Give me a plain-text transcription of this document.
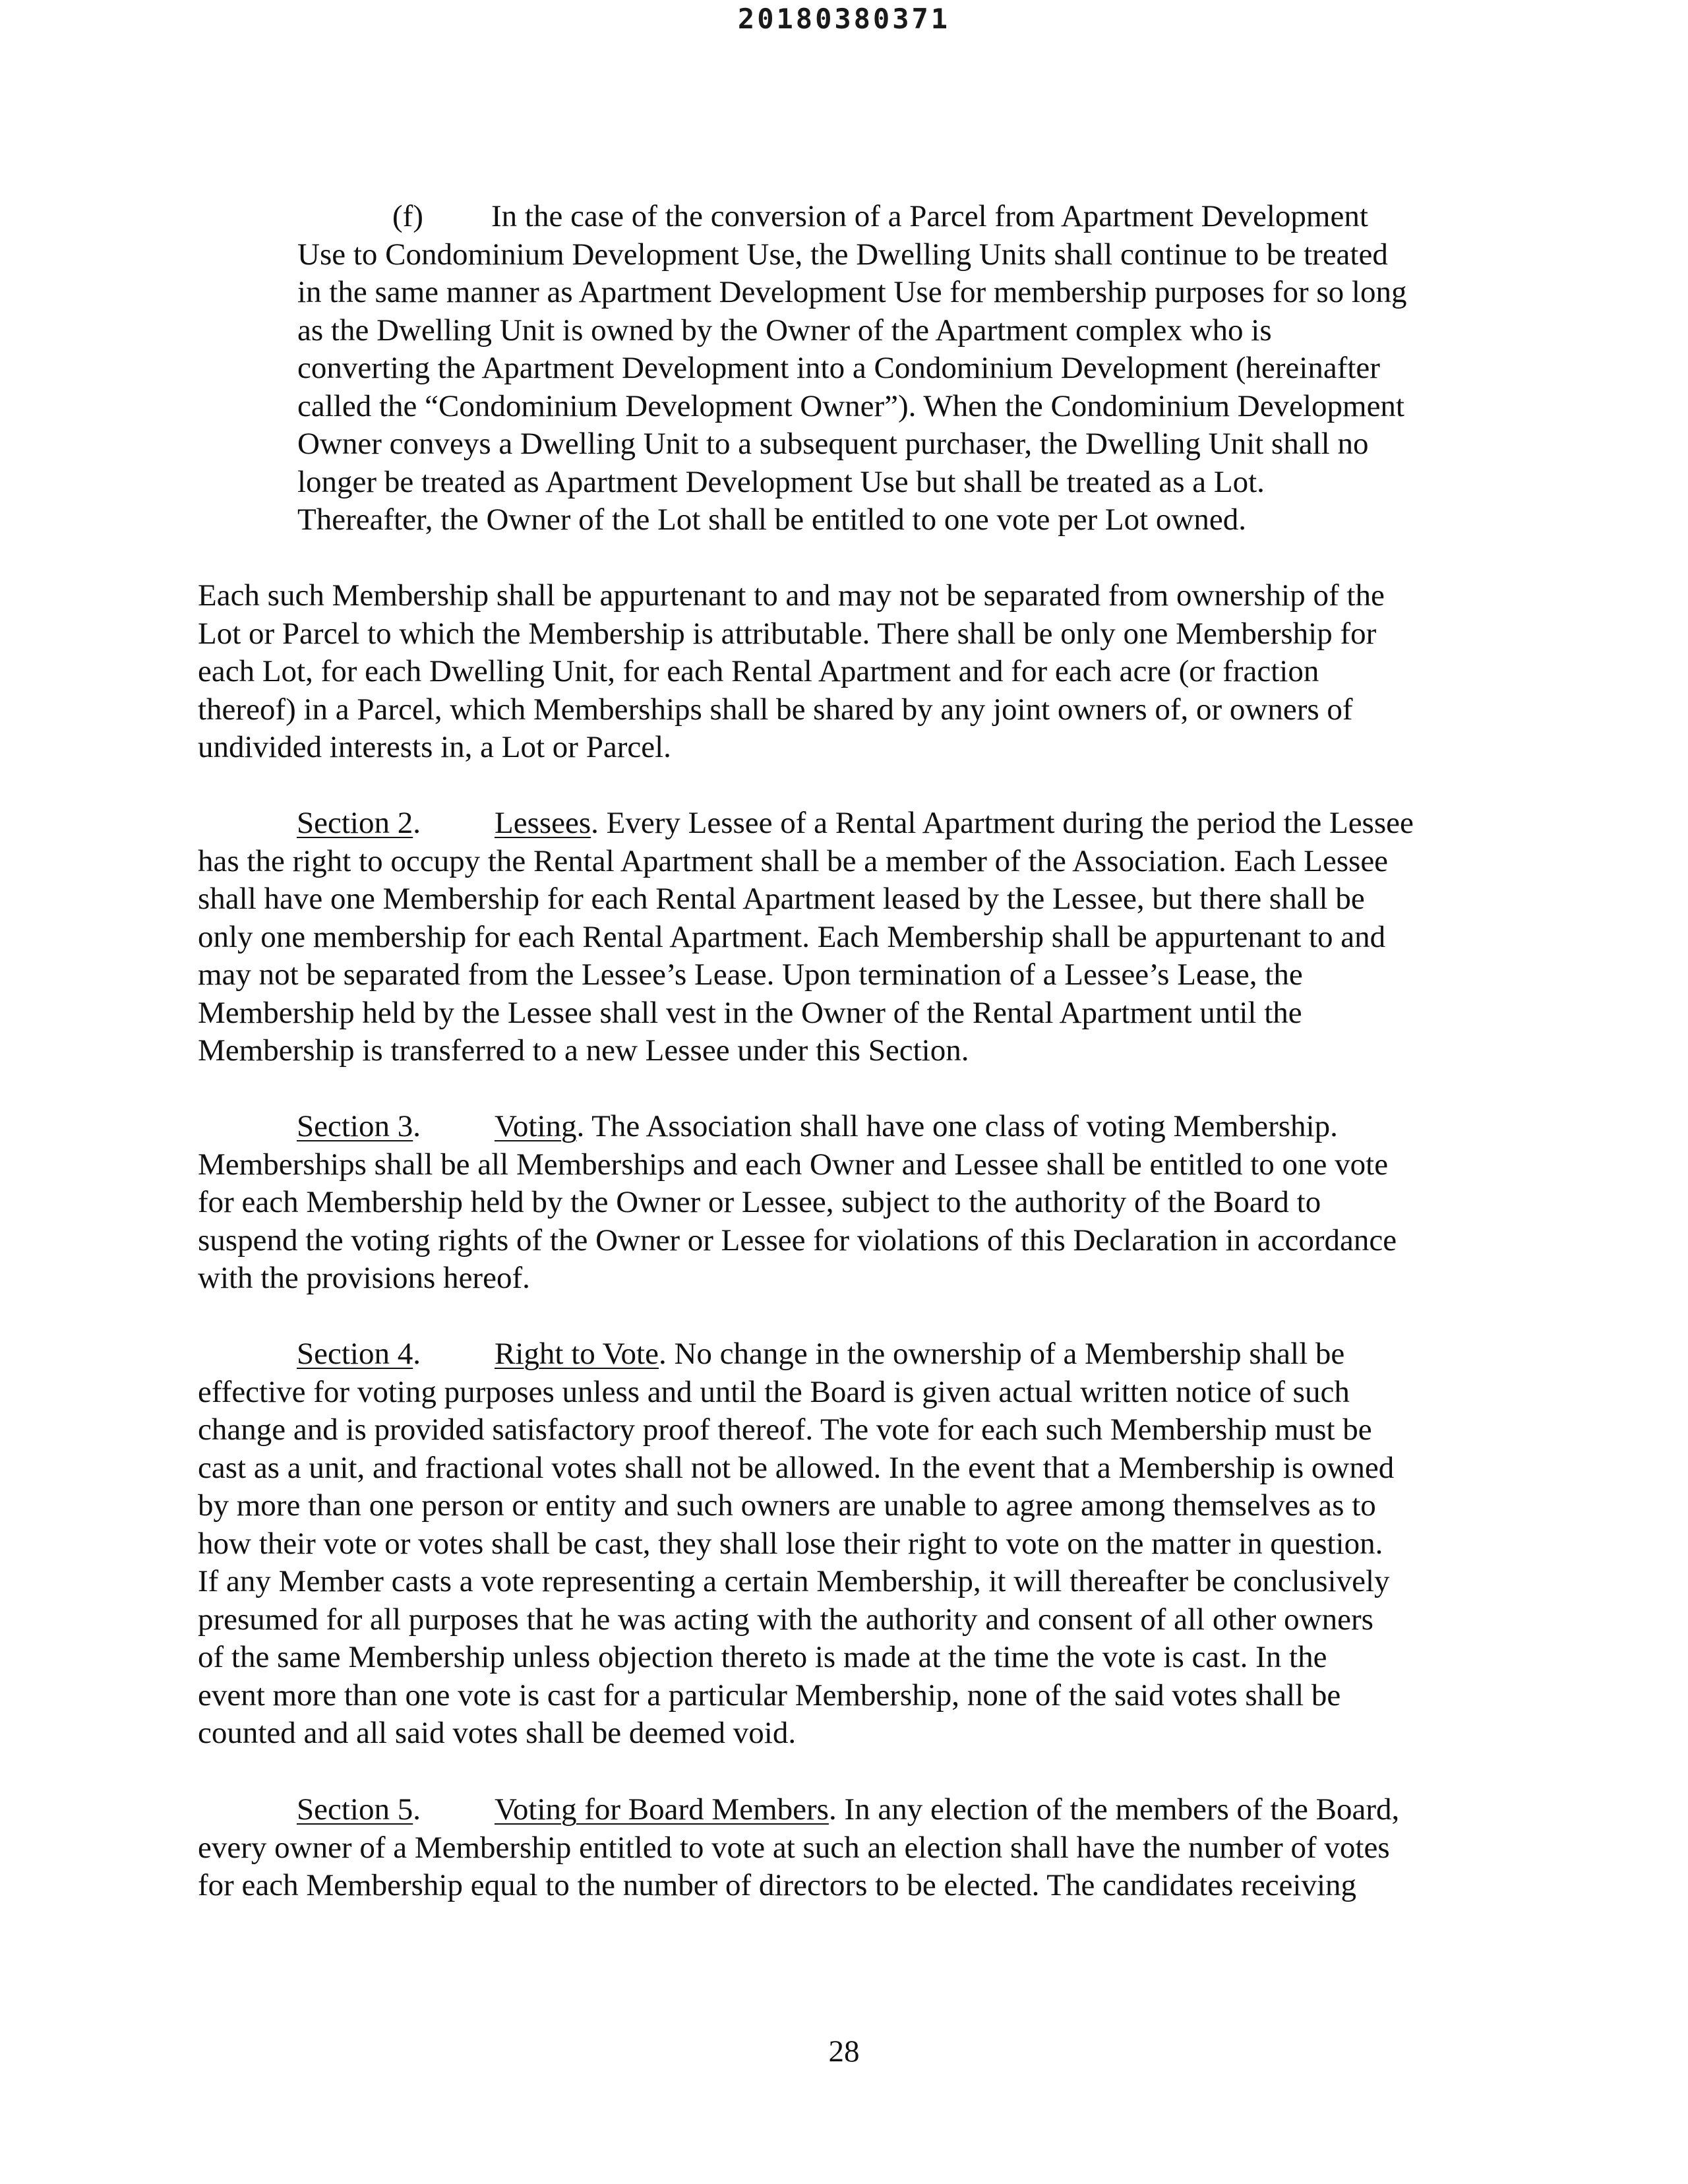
20180380371
(f) In the case of the conversion of a Parcel from Apartment Development
Use to Condominium Development Use, the Dwelling Units shall continue to be treated
in the same manner as Apartment Development Use for membership purposes for so long
as the Dwelling Unit is owned by the Owner of the Apartment complex who is
converting the Apartment Development into a Condominium Development (hereinafter
called the “Condominium Development Owner”). When the Condominium Development
Owner conveys a Dwelling Unit to a subsequent purchaser, the Dwelling Unit shall no
longer be treated as Apartment Development Use but shall be treated as a Lot.
Thereafter, the Owner of the Lot shall be entitled to one vote per Lot owned.
Each such Membership shall be appurtenant to and may not be separated from ownership of the
Lot or Parcel to which the Membership is attributable. There shall be only one Membership for
each Lot, for each Dwelling Unit, for each Rental Apartment and for each acre (or fraction
thereof) in a Parcel, which Memberships shall be shared by any joint owners of, or owners of
undivided interests in, a Lot or Parcel.
Section 2. Lessees. Every Lessee of a Rental Apartment during the period the Lessee
has the right to occupy the Rental Apartment shall be a member of the Association. Each Lessee
shall have one Membership for each Rental Apartment leased by the Lessee, but there shall be
only one membership for each Rental Apartment. Each Membership shall be appurtenant to and
may not be separated from the Lessee’s Lease. Upon termination of a Lessee’s Lease, the
Membership held by the Lessee shall vest in the Owner of the Rental Apartment until the
Membership is transferred to a new Lessee under this Section.
Section 3. Voting. The Association shall have one class of voting Membership.
Memberships shall be all Memberships and each Owner and Lessee shall be entitled to one vote
for each Membership held by the Owner or Lessee, subject to the authority of the Board to
suspend the voting rights of the Owner or Lessee for violations of this Declaration in accordance
with the provisions hereof.
Section 4. Right to Vote. No change in the ownership of a Membership shall be
effective for voting purposes unless and until the Board is given actual written notice of such
change and is provided satisfactory proof thereof. The vote for each such Membership must be
cast as a unit, and fractional votes shall not be allowed. In the event that a Membership is owned
by more than one person or entity and such owners are unable to agree among themselves as to
how their vote or votes shall be cast, they shall lose their right to vote on the matter in question.
If any Member casts a vote representing a certain Membership, it will thereafter be conclusively
presumed for all purposes that he was acting with the authority and consent of all other owners
of the same Membership unless objection thereto is made at the time the vote is cast. In the
event more than one vote is cast for a particular Membership, none of the said votes shall be
counted and all said votes shall be deemed void.
Section 5. Voting for Board Members. In any election of the members of the Board,
every owner of a Membership entitled to vote at such an election shall have the number of votes
for each Membership equal to the number of directors to be elected. The candidates receiving
28
